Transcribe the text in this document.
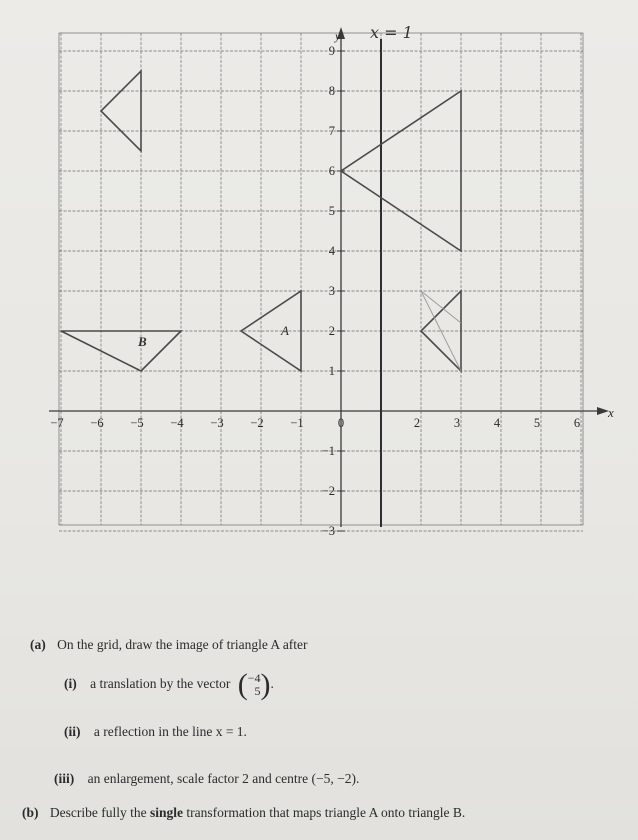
−7 −6 −5 −4 −3 −2 −1	0	2	3	4	5	6
9
8
7
6
5
4
3
2
1
−1
−2
−3
x
y x = 1
A
B
(a) On the grid, draw the image of triangle A after
(i) a translation by the vector (−4
5).
(ii) a reflection in the line x = 1.
(iii) an enlargement, scale factor 2 and centre (−5, −2).
(b) Describe fully the single transformation that maps triangle A onto triangle B.
